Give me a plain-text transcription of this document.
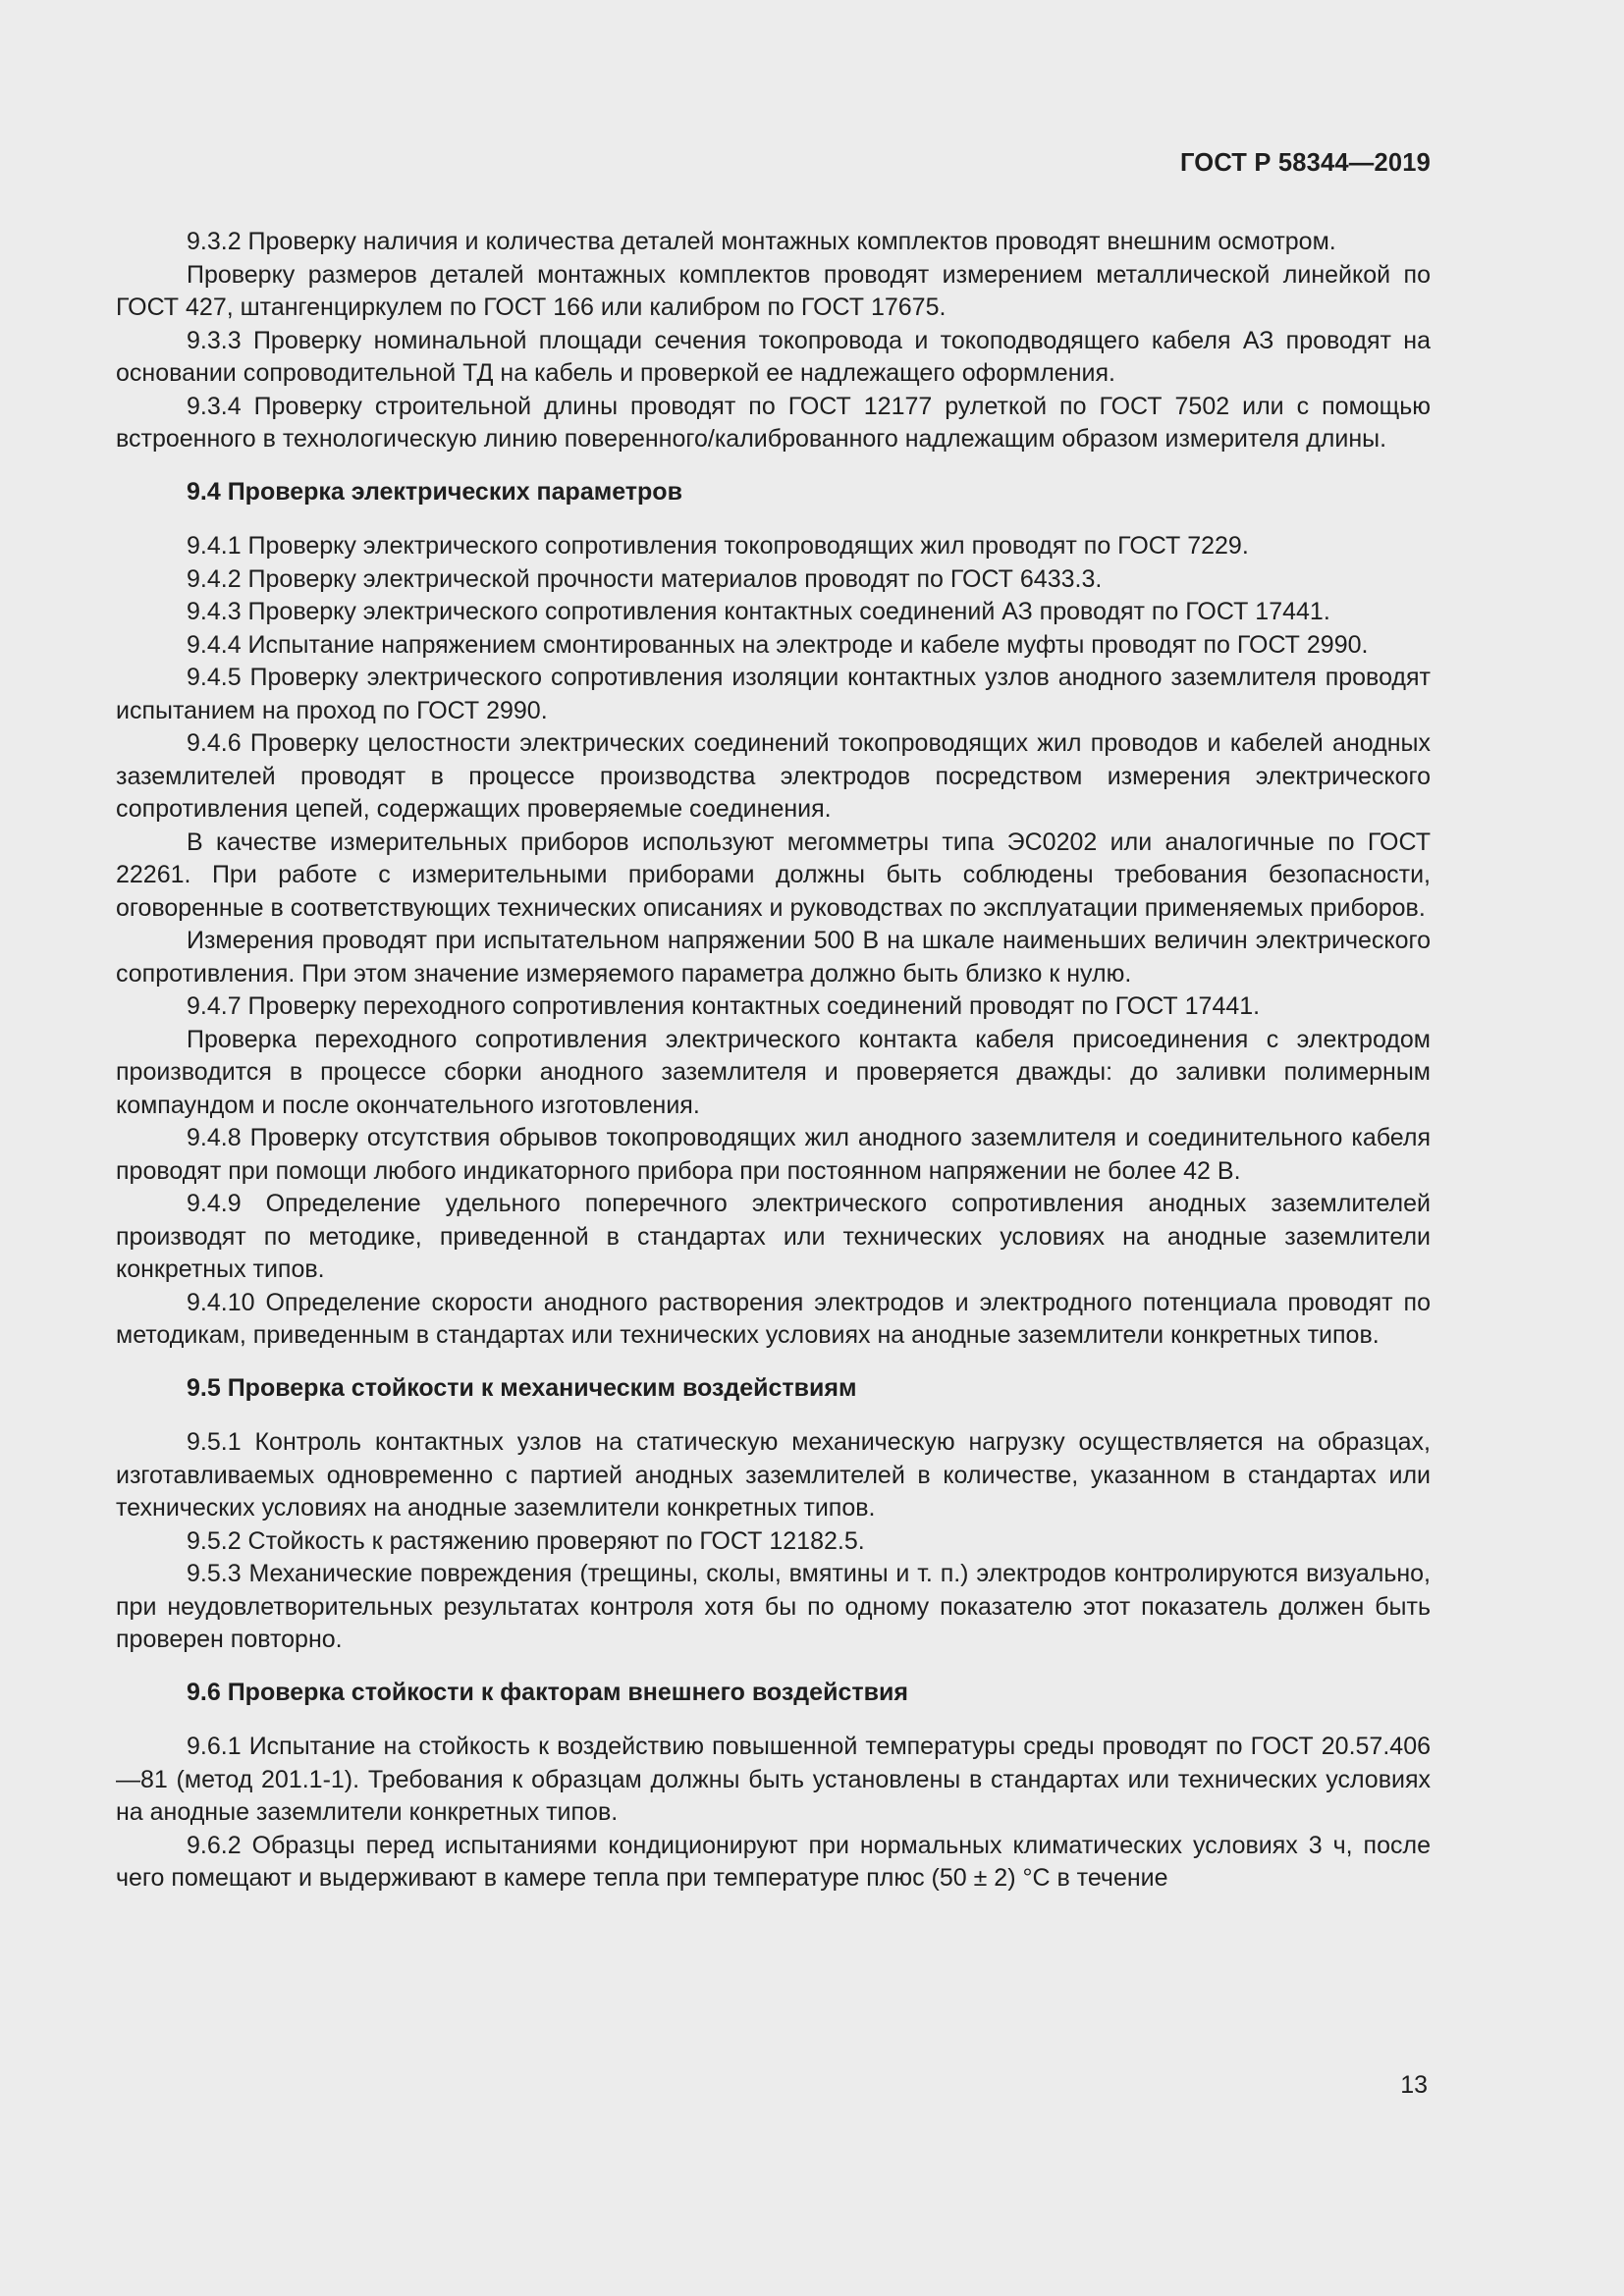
ГОСТ Р 58344—2019

9.3.2 Проверку наличия и количества деталей монтажных комплектов проводят внешним осмотром.

Проверку размеров деталей монтажных комплектов проводят измерением металлической линейкой по ГОСТ 427, штангенциркулем по ГОСТ 166 или калибром по ГОСТ 17675.

9.3.3 Проверку номинальной площади сечения токопровода и токоподводящего кабеля АЗ проводят на основании сопроводительной ТД на кабель и проверкой ее надлежащего оформления.

9.3.4 Проверку строительной длины проводят по ГОСТ 12177 рулеткой по ГОСТ 7502 или с помощью встроенного в технологическую линию поверенного/калиброванного надлежащим образом измерителя длины.

9.4 Проверка электрических параметров

9.4.1 Проверку электрического сопротивления токопроводящих жил проводят по ГОСТ 7229.

9.4.2 Проверку электрической прочности материалов проводят по ГОСТ 6433.3.

9.4.3 Проверку электрического сопротивления контактных соединений АЗ проводят по ГОСТ 17441.

9.4.4 Испытание напряжением смонтированных на электроде и кабеле муфты проводят по ГОСТ 2990.

9.4.5 Проверку электрического сопротивления изоляции контактных узлов анодного заземлителя проводят испытанием на проход по ГОСТ 2990.

9.4.6 Проверку целостности электрических соединений токопроводящих жил проводов и кабелей анодных заземлителей проводят в процессе производства электродов посредством измерения электрического сопротивления цепей, содержащих проверяемые соединения.

В качестве измерительных приборов используют мегомметры типа ЭС0202 или аналогичные по ГОСТ 22261. При работе с измерительными приборами должны быть соблюдены требования безопасности, оговоренные в соответствующих технических описаниях и руководствах по эксплуатации применяемых приборов.

Измерения проводят при испытательном напряжении 500 В на шкале наименьших величин электрического сопротивления. При этом значение измеряемого параметра должно быть близко к нулю.

9.4.7 Проверку переходного сопротивления контактных соединений проводят по ГОСТ 17441.

Проверка переходного сопротивления электрического контакта кабеля присоединения с электродом производится в процессе сборки анодного заземлителя и проверяется дважды: до заливки полимерным компаундом и после окончательного изготовления.

9.4.8 Проверку отсутствия обрывов токопроводящих жил анодного заземлителя и соединительного кабеля проводят при помощи любого индикаторного прибора при постоянном напряжении не более 42 В.

9.4.9 Определение удельного поперечного электрического сопротивления анодных заземлителей производят по методике, приведенной в стандартах или технических условиях на анодные заземлители конкретных типов.

9.4.10 Определение скорости анодного растворения электродов и электродного потенциала проводят по методикам, приведенным в стандартах или технических условиях на анодные заземлители конкретных типов.

9.5 Проверка стойкости к механическим воздействиям

9.5.1 Контроль контактных узлов на статическую механическую нагрузку осуществляется на образцах, изготавливаемых одновременно с партией анодных заземлителей в количестве, указанном в стандартах или технических условиях на анодные заземлители конкретных типов.

9.5.2 Стойкость к растяжению проверяют по ГОСТ 12182.5.

9.5.3 Механические повреждения (трещины, сколы, вмятины и т. п.) электродов контролируются визуально, при неудовлетворительных результатах контроля хотя бы по одному показателю этот показатель должен быть проверен повторно.

9.6 Проверка стойкости к факторам внешнего воздействия

9.6.1 Испытание на стойкость к воздействию повышенной температуры среды проводят по ГОСТ 20.57.406—81 (метод 201.1-1). Требования к образцам должны быть установлены в стандартах или технических условиях на анодные заземлители конкретных типов.

9.6.2 Образцы перед испытаниями кондиционируют при нормальных климатических условиях 3 ч, после чего помещают и выдерживают в камере тепла при температуре плюс (50 ± 2) °С в течение

13
